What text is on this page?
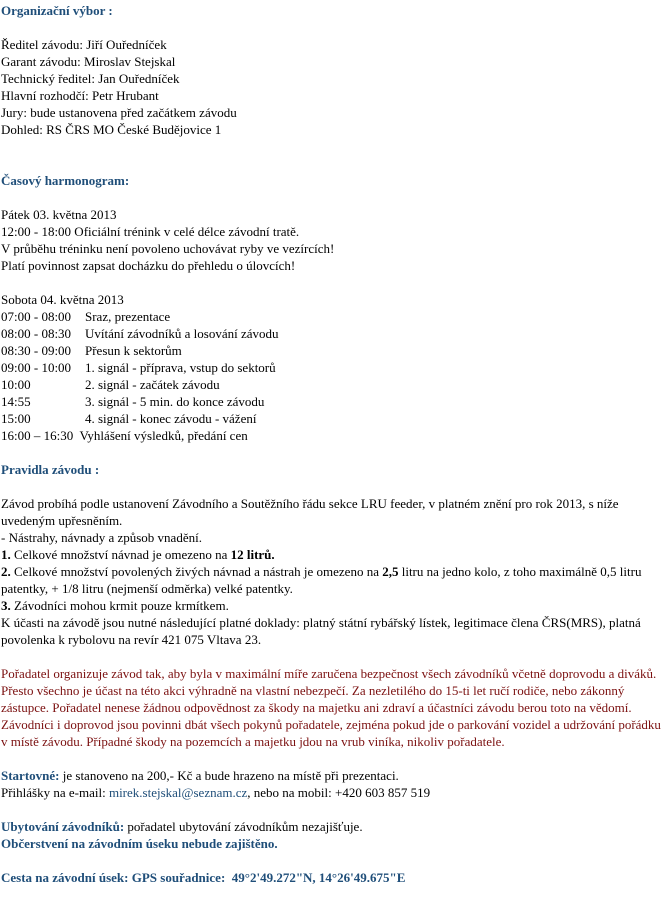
Organizační výbor :
Ředitel závodu: Jiří Ouředníček
Garant závodu: Miroslav Stejskal
Technický ředitel: Jan Ouředníček
Hlavní rozhodčí: Petr Hrubant
Jury: bude ustanovena před začátkem závodu
Dohled: RS ČRS MO České Budějovice 1
Časový harmonogram:
Pátek 03. května 2013
12:00 - 18:00 Oficiální trénink v celé délce závodní tratě.
V průběhu tréninku není povoleno uchovávat ryby ve vezírcích!
Platí povinnost zapsat docházku do přehledu o úlovcích!
Sobota 04. května 2013
07:00 - 08:00	Sraz, prezentace
08:00 - 08:30	Uvítání závodníků a losování závodu
08:30 - 09:00	Přesun k sektorům
09:00 - 10:00	1. signál - příprava, vstup do sektorů
10:00	2. signál - začátek závodu
14:55	3. signál - 5 min. do konce závodu
15:00	4. signál - konec závodu - vážení
16:00 – 16:30  Vyhlášení výsledků, předání cen
Pravidla závodu :
Závod probíhá podle ustanovení Závodního a Soutěžního řádu sekce LRU feeder, v platném znění pro rok 2013, s níže uvedeným upřesněním.
- Nástrahy, návnady a způsob vnadění.
1. Celkové množství návnad je omezeno na 12 litrů.
2. Celkové množství povolených živých návnad a nástrah je omezeno na 2,5 litru na jedno kolo, z toho maximálně 0,5 litru patentky, + 1/8 litru (nejmenší odměrka) velké patentky.
3. Závodníci mohou krmit pouze krmítkem.
K účasti na závodě jsou nutné následující platné doklady: platný státní rybářský lístek, legitimace člena ČRS(MRS), platná povolenka k rybolovu na revír 421 075 Vltava 23.
Pořadatel organizuje závod tak, aby byla v maximální míře zaručena bezpečnost všech závodníků včetně doprovodu a diváků. Přesto všechno je účast na této akci výhradně na vlastní nebezpečí. Za nezletilého do 15-ti let ručí rodiče, nebo zákonný zástupce. Pořadatel nenese žádnou odpovědnost za škody na majetku ani zdraví a účastníci závodu berou toto na vědomí. Závodníci i doprovod jsou povinni dbát všech pokynů pořadatele, zejména pokud jde o parkování vozidel a udržování pořádku v místě závodu. Případné škody na pozemcích a majetku jdou na vrub viníka, nikoliv pořadatele.
Startovné: je stanoveno na 200,- Kč a bude hrazeno na místě při prezentaci.
Přihlášky na e-mail: mirek.stejskal@seznam.cz, nebo na mobil: +420 603 857 519
Ubytování závodníků: pořadatel ubytování závodníkům nezajišťuje.
Občerstvení na závodním úseku nebude zajištěno.
Cesta na závodní úsek: GPS souřadnice:  49°2'49.272"N, 14°26'49.675"E
